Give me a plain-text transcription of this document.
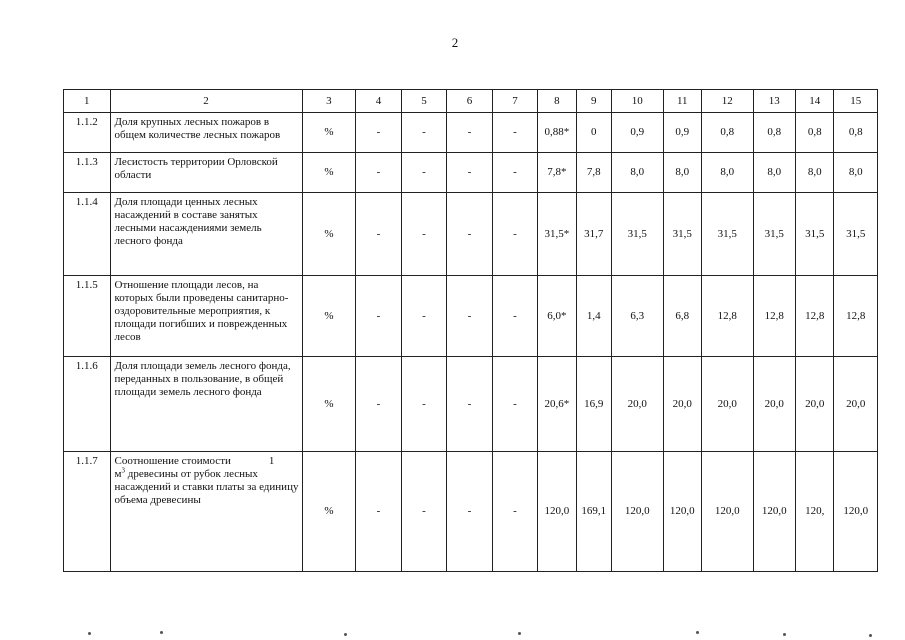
2
1	2	3	4	5	6	7	8	9	10	11	12	13	14	15
1.1.2	Доля крупных лесных пожаров в общем количестве лесных пожаров	%	-	-	-	-	0,88*	0	0,9	0,9	0,8	0,8	0,8	0,8
1.1.3	Лесистость территории Орловской области	%	-	-	-	-	7,8*	7,8	8,0	8,0	8,0	8,0	8,0	8,0
1.1.4	Доля площади ценных лесных насаждений в составе занятых лесными насаждениями земель лесного фонда	%	-	-	-	-	31,5*	31,7	31,5	31,5	31,5	31,5	31,5	31,5
1.1.5	Отношение площади лесов, на которых были проведены санитарно- оздоровительные мероприятия, к площади погибших и поврежденных лесов	%	-	-	-	-	6,0*	1,4	6,3	6,8	12,8	12,8	12,8	12,8
1.1.6	Доля площади земель лесного фонда, переданных в пользование, в общей площади земель лесного фонда	%	-	-	-	-	20,6*	16,9	20,0	20,0	20,0	20,0	20,0	20,0
1.1.7	Соотношение стоимости 1
$м^3$ древесины от рубок лесных насаждений и ставки платы за единицу объема древесины	%	-	-	-	-	120,0	169,1	120,0	120,0	120,0	120,0	120,	120,0
